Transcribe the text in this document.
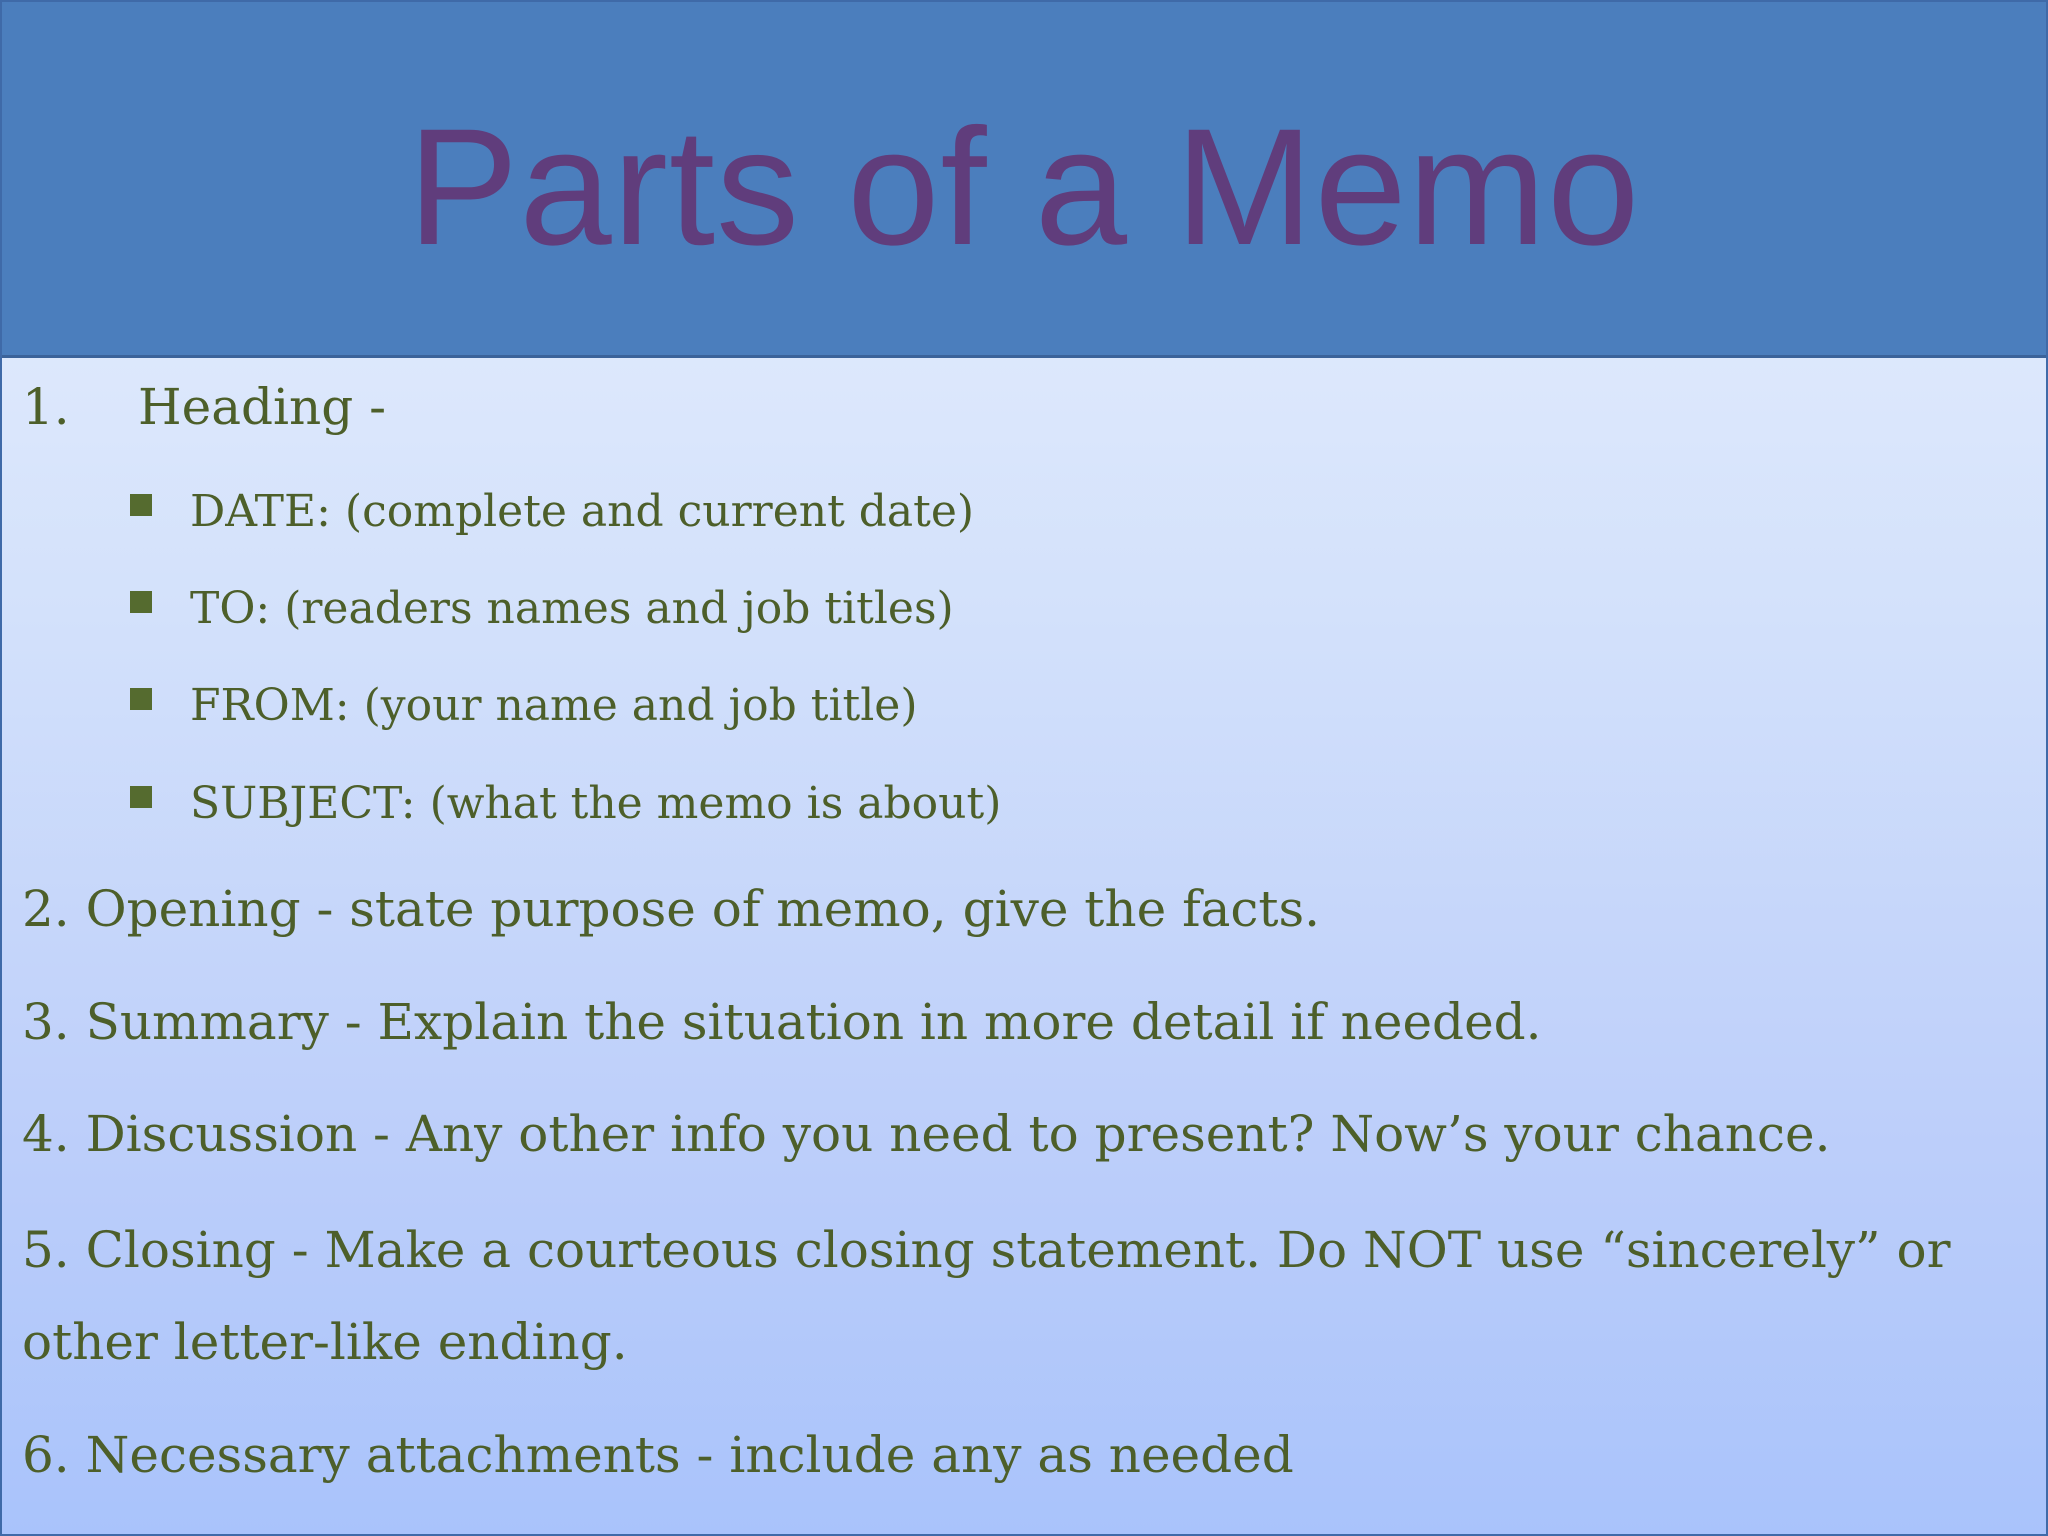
Parts of a Memo
1. Heading -
DATE: (complete and current date)
TO: (readers names and job titles)
FROM: (your name and job title)
SUBJECT: (what the memo is about)
2. Opening - state purpose of memo, give the facts.
3. Summary - Explain the situation in more detail if needed.
4. Discussion - Any other info you need to present? Now’s your chance.
5. Closing - Make a courteous closing statement. Do NOT use “sincerely” or other letter-like ending.
6. Necessary attachments - include any as needed
